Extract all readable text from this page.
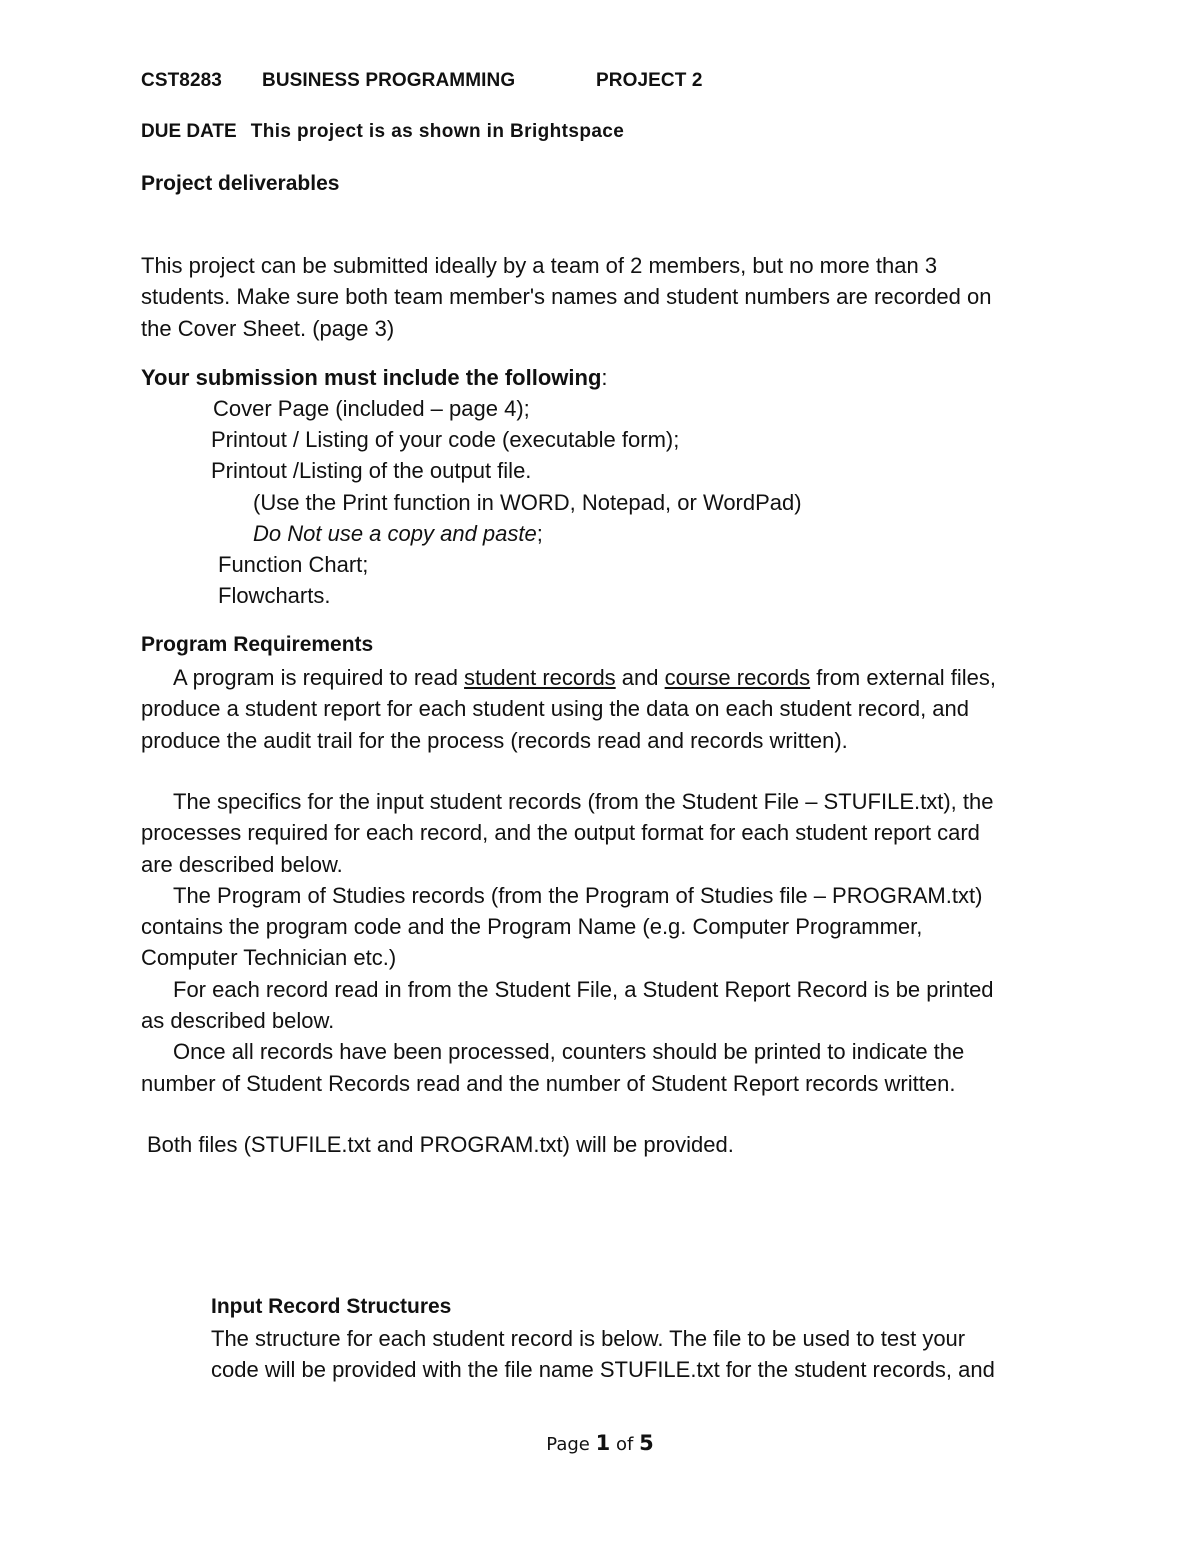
CST8283 BUSINESS PROGRAMMING	PROJECT 2
DUE DATE This project is as shown in Brightspace
Project deliverables
This project can be submitted ideally by a team of 2 members, but no more than 3
students. Make sure both team member's names and student numbers are recorded on
the Cover Sheet. (page 3)
Your submission must include the following:
Cover Page (included – page 4);
Printout / Listing of your code (executable form);
Printout /Listing of the output file.
(Use the Print function in WORD, Notepad, or WordPad)
Do Not use a copy and paste;
Function Chart;
Flowcharts.
Program Requirements
A program is required to read student records and course records from external files,
produce a student report for each student using the data on each student record, and
produce the audit trail for the process (records read and records written).
The specifics for the input student records (from the Student File – STUFILE.txt), the
processes required for each record, and the output format for each student report card
are described below.
The Program of Studies records (from the Program of Studies file – PROGRAM.txt)
contains the program code and the Program Name (e.g. Computer Programmer,
Computer Technician etc.)
For each record read in from the Student File, a Student Report Record is be printed
as described below.
Once all records have been processed, counters should be printed to indicate the
number of Student Records read and the number of Student Report records written.
Both files (STUFILE.txt and PROGRAM.txt) will be provided.
Input Record Structures
The structure for each student record is below. The file to be used to test your
code will be provided with the file name STUFILE.txt for the student records, and
Page 1 of 5
